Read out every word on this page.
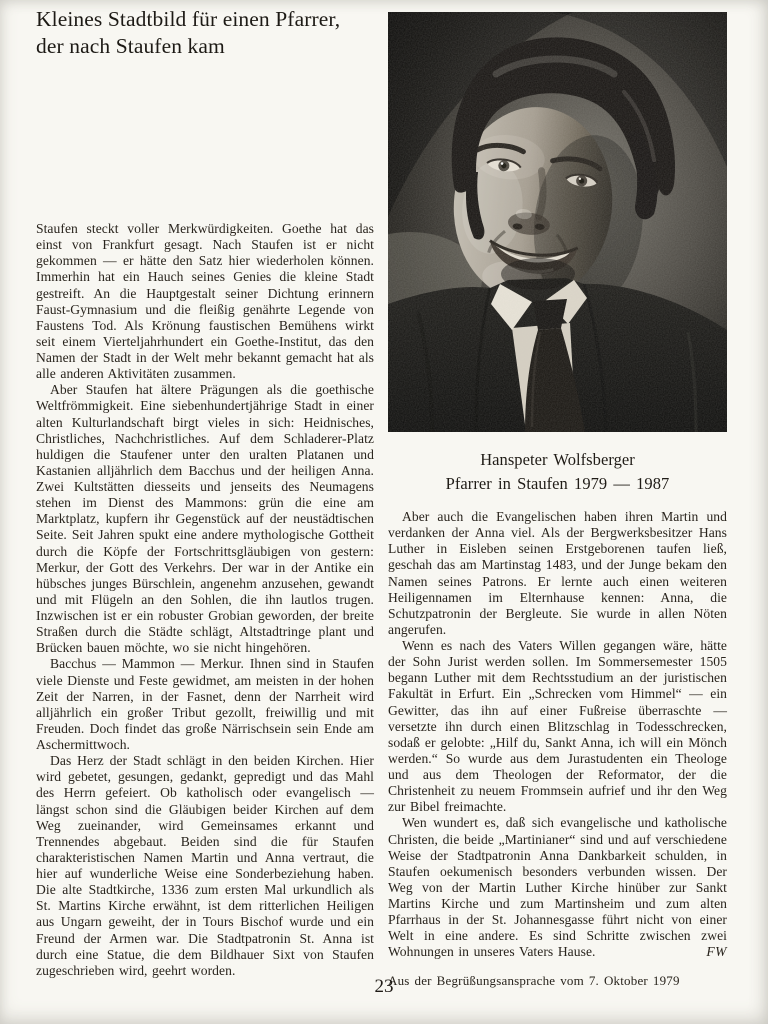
Kleines Stadtbild für einen Pfarrer,
der nach Staufen kam

Staufen steckt voller Merkwürdigkeiten. Goethe hat das einst von Frankfurt gesagt. Nach Staufen ist er nicht gekommen — er hätte den Satz hier wiederholen können. Immerhin hat ein Hauch seines Genies die kleine Stadt gestreift. An die Hauptgestalt seiner Dichtung erinnern Faust-Gymnasium und die fleißig genährte Legende von Faustens Tod. Als Krönung faustischen Bemühens wirkt seit einem Vierteljahrhundert ein Goethe-Institut, das den Namen der Stadt in der Welt mehr bekannt gemacht hat als alle anderen Aktivitäten zusammen.

Aber Staufen hat ältere Prägungen als die goethische Weltfrömmigkeit. Eine siebenhundertjährige Stadt in einer alten Kulturlandschaft birgt vieles in sich: Heidnisches, Christliches, Nachchristliches. Auf dem Schladerer-Platz huldigen die Staufener unter den uralten Platanen und Kastanien alljährlich dem Bacchus und der heiligen Anna. Zwei Kultstätten diesseits und jenseits des Neumagens stehen im Dienst des Mammons: grün die eine am Marktplatz, kupfern ihr Gegenstück auf der neustädtischen Seite. Seit Jahren spukt eine andere mythologische Gottheit durch die Köpfe der Fortschrittsgläubigen von gestern: Merkur, der Gott des Verkehrs. Der war in der Antike ein hübsches junges Bürschlein, angenehm anzusehen, gewandt und mit Flügeln an den Sohlen, die ihn lautlos trugen. Inzwischen ist er ein robuster Grobian geworden, der breite Straßen durch die Städte schlägt, Altstadtringe plant und Brücken bauen möchte, wo sie nicht hingehören.

Bacchus — Mammon — Merkur. Ihnen sind in Staufen viele Dienste und Feste gewidmet, am meisten in der hohen Zeit der Narren, in der Fasnet, denn der Narrheit wird alljährlich ein großer Tribut gezollt, freiwillig und mit Freuden. Doch findet das große Närrischsein sein Ende am Aschermittwoch.

Das Herz der Stadt schlägt in den beiden Kirchen. Hier wird gebetet, gesungen, gedankt, gepredigt und das Mahl des Herrn gefeiert. Ob katholisch oder evangelisch — längst schon sind die Gläubigen beider Kirchen auf dem Weg zueinander, wird Gemeinsames erkannt und Trennendes abgebaut. Beiden sind die für Staufen charakteristischen Namen Martin und Anna vertraut, die hier auf wunderliche Weise eine Sonderbeziehung haben. Die alte Stadtkirche, 1336 zum ersten Mal urkundlich als St. Martins Kirche erwähnt, ist dem ritterlichen Heiligen aus Ungarn geweiht, der in Tours Bischof wurde und ein Freund der Armen war. Die Stadtpatronin St. Anna ist durch eine Statue, die dem Bildhauer Sixt von Staufen zugeschrieben wird, geehrt worden.

Hanspeter Wolfsberger
Pfarrer in Staufen 1979 — 1987

Aber auch die Evangelischen haben ihren Martin und verdanken der Anna viel. Als der Bergwerksbesitzer Hans Luther in Eisleben seinen Erstgeborenen taufen ließ, geschah das am Martinstag 1483, und der Junge bekam den Namen seines Patrons. Er lernte auch einen weiteren Heiligennamen im Elternhause kennen: Anna, die Schutzpatronin der Bergleute. Sie wurde in allen Nöten angerufen.

Wenn es nach des Vaters Willen gegangen wäre, hätte der Sohn Jurist werden sollen. Im Sommersemester 1505 begann Luther mit dem Rechtsstudium an der juristischen Fakultät in Erfurt. Ein „Schrecken vom Himmel“ — ein Gewitter, das ihn auf einer Fußreise überraschte — versetzte ihn durch einen Blitzschlag in Todesschrecken, sodaß er gelobte: „Hilf du, Sankt Anna, ich will ein Mönch werden.“ So wurde aus dem Jurastudenten ein Theologe und aus dem Theologen der Reformator, der die Christenheit zu neuem Frommsein aufrief und ihr den Weg zur Bibel freimachte.

Wen wundert es, daß sich evangelische und katholische Christen, die beide „Martinianer“ sind und auf verschiedene Weise der Stadtpatronin Anna Dankbarkeit schulden, in Staufen oekumenisch besonders verbunden wissen. Der Weg von der Martin Luther Kirche hinüber zur Sankt Martins Kirche und zum Martinsheim und zum alten Pfarrhaus in der St. Johannesgasse führt nicht von einer Welt in eine andere. Es sind Schritte zwischen zwei Wohnungen in unseres Vaters Hause.	FW

Aus der Begrüßungsansprache vom 7. Oktober 1979
23
